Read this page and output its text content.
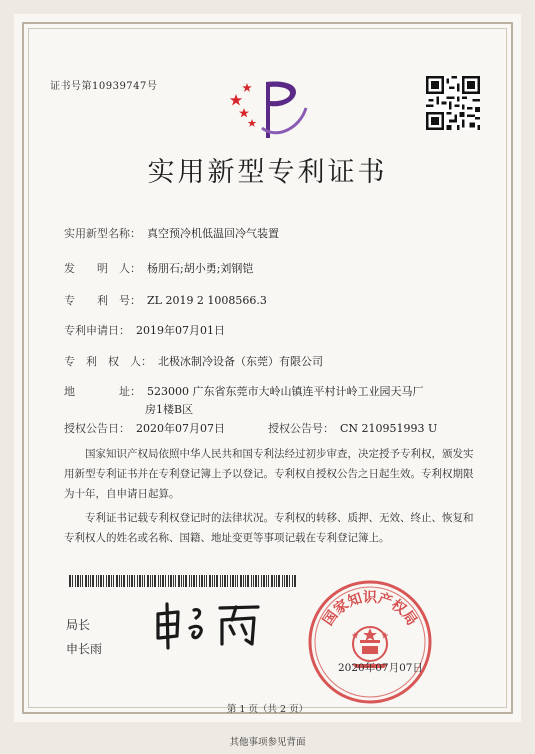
证书号第10939747号
实用新型专利证书
实用新型名称： 真空预冷机低温回冷气装置
发　　明　人： 杨朋石;胡小勇;刘钢铠
专　　利　号： ZL 2019 2 1008566.3
专利申请日： 2019年07月01日
专　利　权　人： 北极冰制冷设备（东莞）有限公司
地　　　　址： 523000 广东省东莞市大岭山镇连平村计岭工业园天马厂
房1楼B区
授权公告日： 2020年07月07日	授权公告号： CN 210951993 U
国家知识产权局依照中华人民共和国专利法经过初步审查，决定授予专利权，颁发实用新型专利证书并在专利登记簿上予以登记。专利权自授权公告之日起生效。专利权期限为十年，自申请日起算。
专利证书记载专利权登记时的法律状况。专利权的转移、质押、无效、终止、恢复和专利权人的姓名或名称、国籍、地址变更等事项记载在专利登记簿上。
局长
申长雨
国家知识产权局
2020年07月07日
第 1 页（共 2 页）
其他事项参见背面
